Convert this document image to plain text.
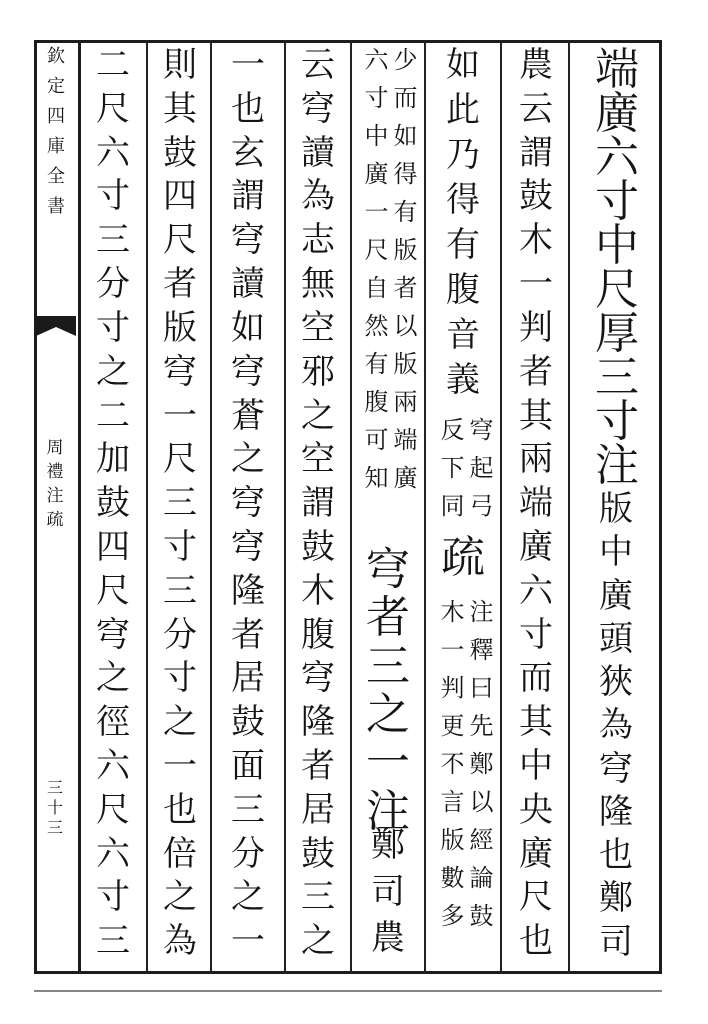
欽
定
四
庫
全
書
周
禮
注
疏
三
十
三
端
廣
六
寸
中
尺
厚
三
寸
注
版
中
廣
頭
狹
為
穹
隆
也
鄭
司
農
云
謂
鼓
木
一
判
者
其
兩
端
廣
六
寸
而
其
中
央
廣
尺
也
如
此
乃
得
有
腹
音
義
穹
起
弓
反
下
同
疏
注
釋
曰
先
鄭
以
經
論
鼓
木
一
判
更
不
言
版
數
多
少
而
如
得
有
版
者
以
版
兩
端
廣
六
寸
中
廣
一
尺
自
然
有
腹
可
知
穹
者
三
之
一
注
鄭
司
農
云
穹
讀
為
志
無
空
邪
之
空
謂
鼓
木
腹
穹
隆
者
居
鼓
三
之
一
也
玄
謂
穹
讀
如
穹
蒼
之
穹
穹
隆
者
居
鼓
面
三
分
之
一
則
其
鼓
四
尺
者
版
穹
一
尺
三
寸
三
分
寸
之
一
也
倍
之
為
二
尺
六
寸
三
分
寸
之
二
加
鼓
四
尺
穹
之
徑
六
尺
六
寸
三
